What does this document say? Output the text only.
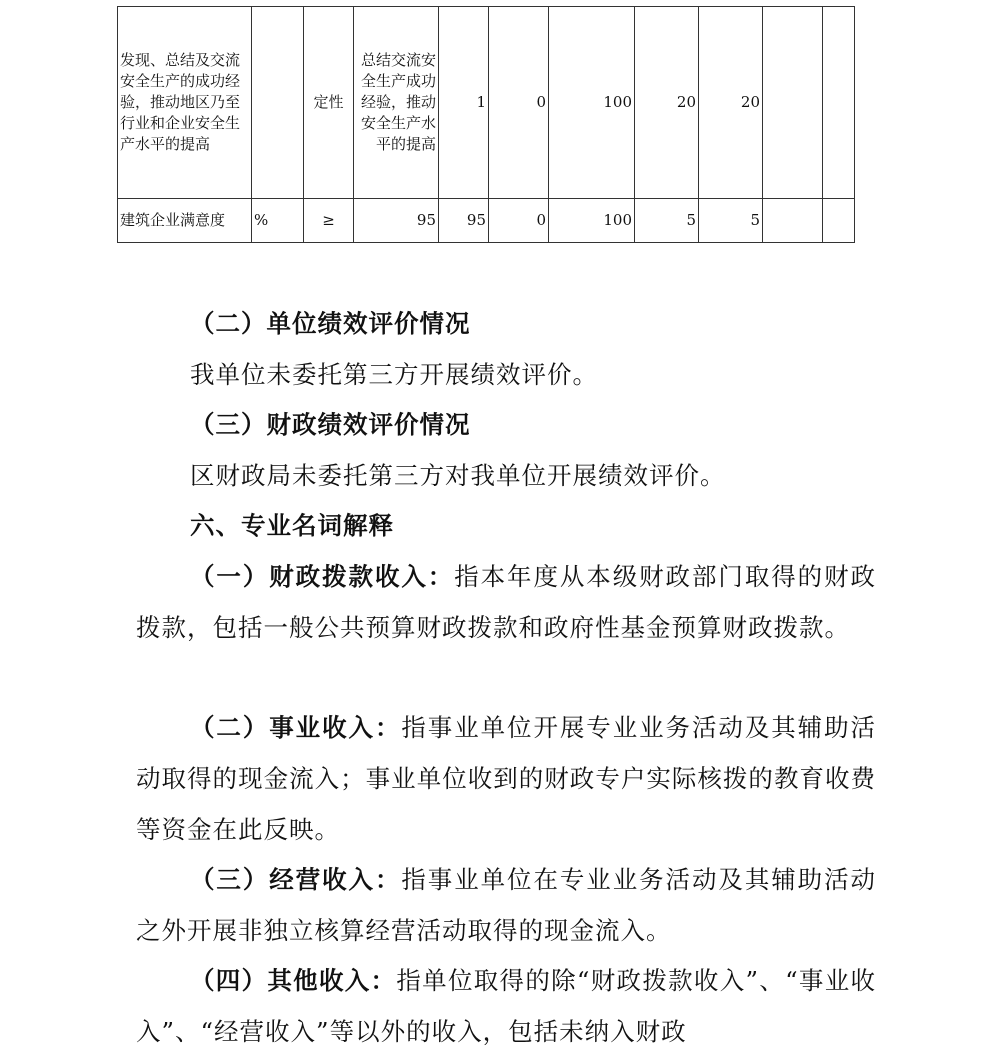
发现、总结及交流安全生产的成功经验，推动地区乃至行业和企业安全生产水平的提高		定性	总结交流安全生产成功经验，推动安全生产水平的提高	1	0	100	20	20		
建筑企业满意度	%	≥	95	95	0	100	5	5		

（二）单位绩效评价情况

我单位未委托第三方开展绩效评价。

（三）财政绩效评价情况

区财政局未委托第三方对我单位开展绩效评价。

六、专业名词解释

（一）财政拨款收入：指本年度从本级财政部门取得的财政拨款，包括一般公共预算财政拨款和政府性基金预算财政拨款。

（二）事业收入：指事业单位开展专业业务活动及其辅助活动取得的现金流入；事业单位收到的财政专户实际核拨的教育收费等资金在此反映。

（三）经营收入：指事业单位在专业业务活动及其辅助活动之外开展非独立核算经营活动取得的现金流入。

（四）其他收入：指单位取得的除“财政拨款收入”、“事业收入”、“经营收入”等以外的收入，包括未纳入财政
